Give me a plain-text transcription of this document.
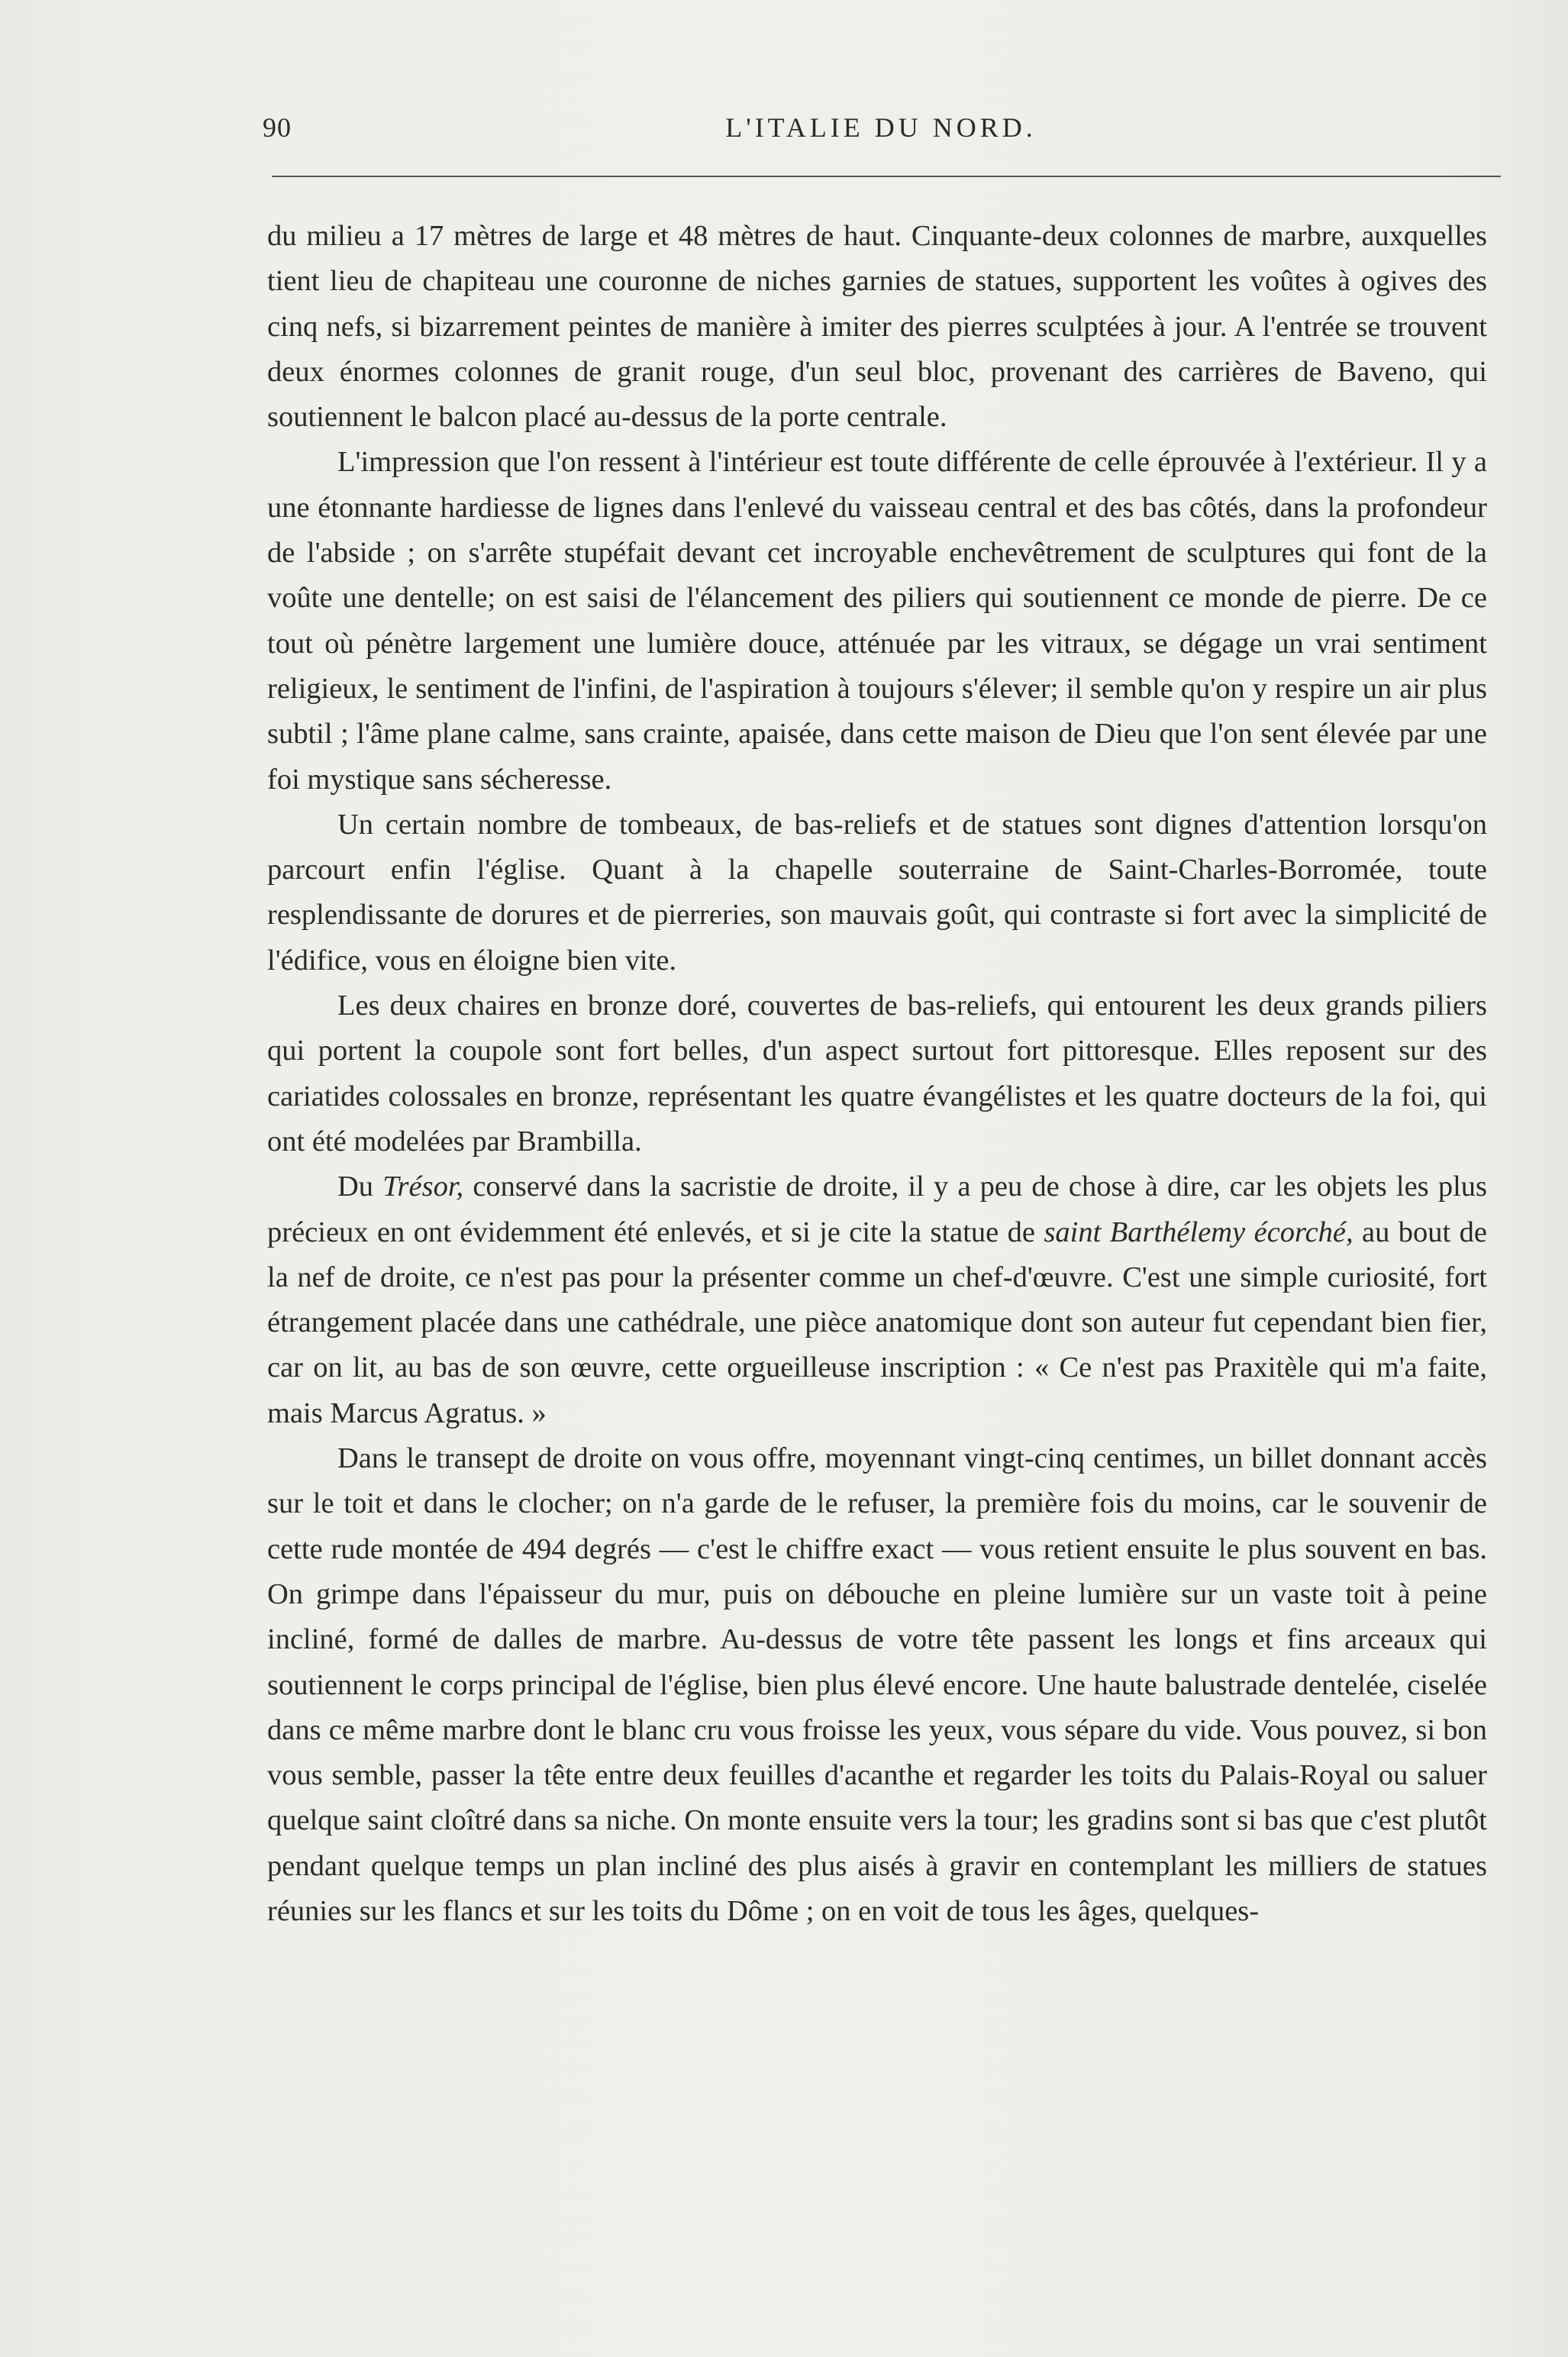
90	L'ITALIE DU NORD.

du milieu a 17 mètres de large et 48 mètres de haut. Cinquante-deux colonnes de marbre, auxquelles tient lieu de chapiteau une couronne de niches garnies de statues, supportent les voûtes à ogives des cinq nefs, si bizarrement peintes de manière à imiter des pierres sculptées à jour. A l'entrée se trouvent deux énormes colonnes de granit rouge, d'un seul bloc, provenant des carrières de Baveno, qui soutiennent le balcon placé au-dessus de la porte centrale.

L'impression que l'on ressent à l'intérieur est toute différente de celle éprouvée à l'extérieur. Il y a une étonnante hardiesse de lignes dans l'enlevé du vaisseau central et des bas côtés, dans la profondeur de l'abside ; on s'arrête stupéfait devant cet incroyable enchevêtrement de sculptures qui font de la voûte une dentelle; on est saisi de l'élancement des piliers qui soutiennent ce monde de pierre. De ce tout où pénètre largement une lumière douce, atténuée par les vitraux, se dégage un vrai sentiment religieux, le sentiment de l'infini, de l'aspiration à toujours s'élever; il semble qu'on y respire un air plus subtil ; l'âme plane calme, sans crainte, apaisée, dans cette maison de Dieu que l'on sent élevée par une foi mystique sans sécheresse.

Un certain nombre de tombeaux, de bas-reliefs et de statues sont dignes d'attention lorsqu'on parcourt enfin l'église. Quant à la chapelle souterraine de Saint-Charles-Borromée, toute resplendissante de dorures et de pierreries, son mauvais goût, qui contraste si fort avec la simplicité de l'édifice, vous en éloigne bien vite.

Les deux chaires en bronze doré, couvertes de bas-reliefs, qui entourent les deux grands piliers qui portent la coupole sont fort belles, d'un aspect surtout fort pittoresque. Elles reposent sur des cariatides colossales en bronze, représentant les quatre évangélistes et les quatre docteurs de la foi, qui ont été modelées par Brambilla.

Du Trésor, conservé dans la sacristie de droite, il y a peu de chose à dire, car les objets les plus précieux en ont évidemment été enlevés, et si je cite la statue de saint Barthélemy écorché, au bout de la nef de droite, ce n'est pas pour la présenter comme un chef-d'œuvre. C'est une simple curiosité, fort étrangement placée dans une cathédrale, une pièce anatomique dont son auteur fut cependant bien fier, car on lit, au bas de son œuvre, cette orgueilleuse inscription : « Ce n'est pas Praxitèle qui m'a faite, mais Marcus Agratus. »

Dans le transept de droite on vous offre, moyennant vingt-cinq centimes, un billet donnant accès sur le toit et dans le clocher; on n'a garde de le refuser, la première fois du moins, car le souvenir de cette rude montée de 494 degrés — c'est le chiffre exact — vous retient ensuite le plus souvent en bas. On grimpe dans l'épaisseur du mur, puis on débouche en pleine lumière sur un vaste toit à peine incliné, formé de dalles de marbre. Au-dessus de votre tête passent les longs et fins arceaux qui soutiennent le corps principal de l'église, bien plus élevé encore. Une haute balustrade dentelée, ciselée dans ce même marbre dont le blanc cru vous froisse les yeux, vous sépare du vide. Vous pouvez, si bon vous semble, passer la tête entre deux feuilles d'acanthe et regarder les toits du Palais-Royal ou saluer quelque saint cloîtré dans sa niche. On monte ensuite vers la tour; les gradins sont si bas que c'est plutôt pendant quelque temps un plan incliné des plus aisés à gravir en contemplant les milliers de statues réunies sur les flancs et sur les toits du Dôme ; on en voit de tous les âges, quelques-
